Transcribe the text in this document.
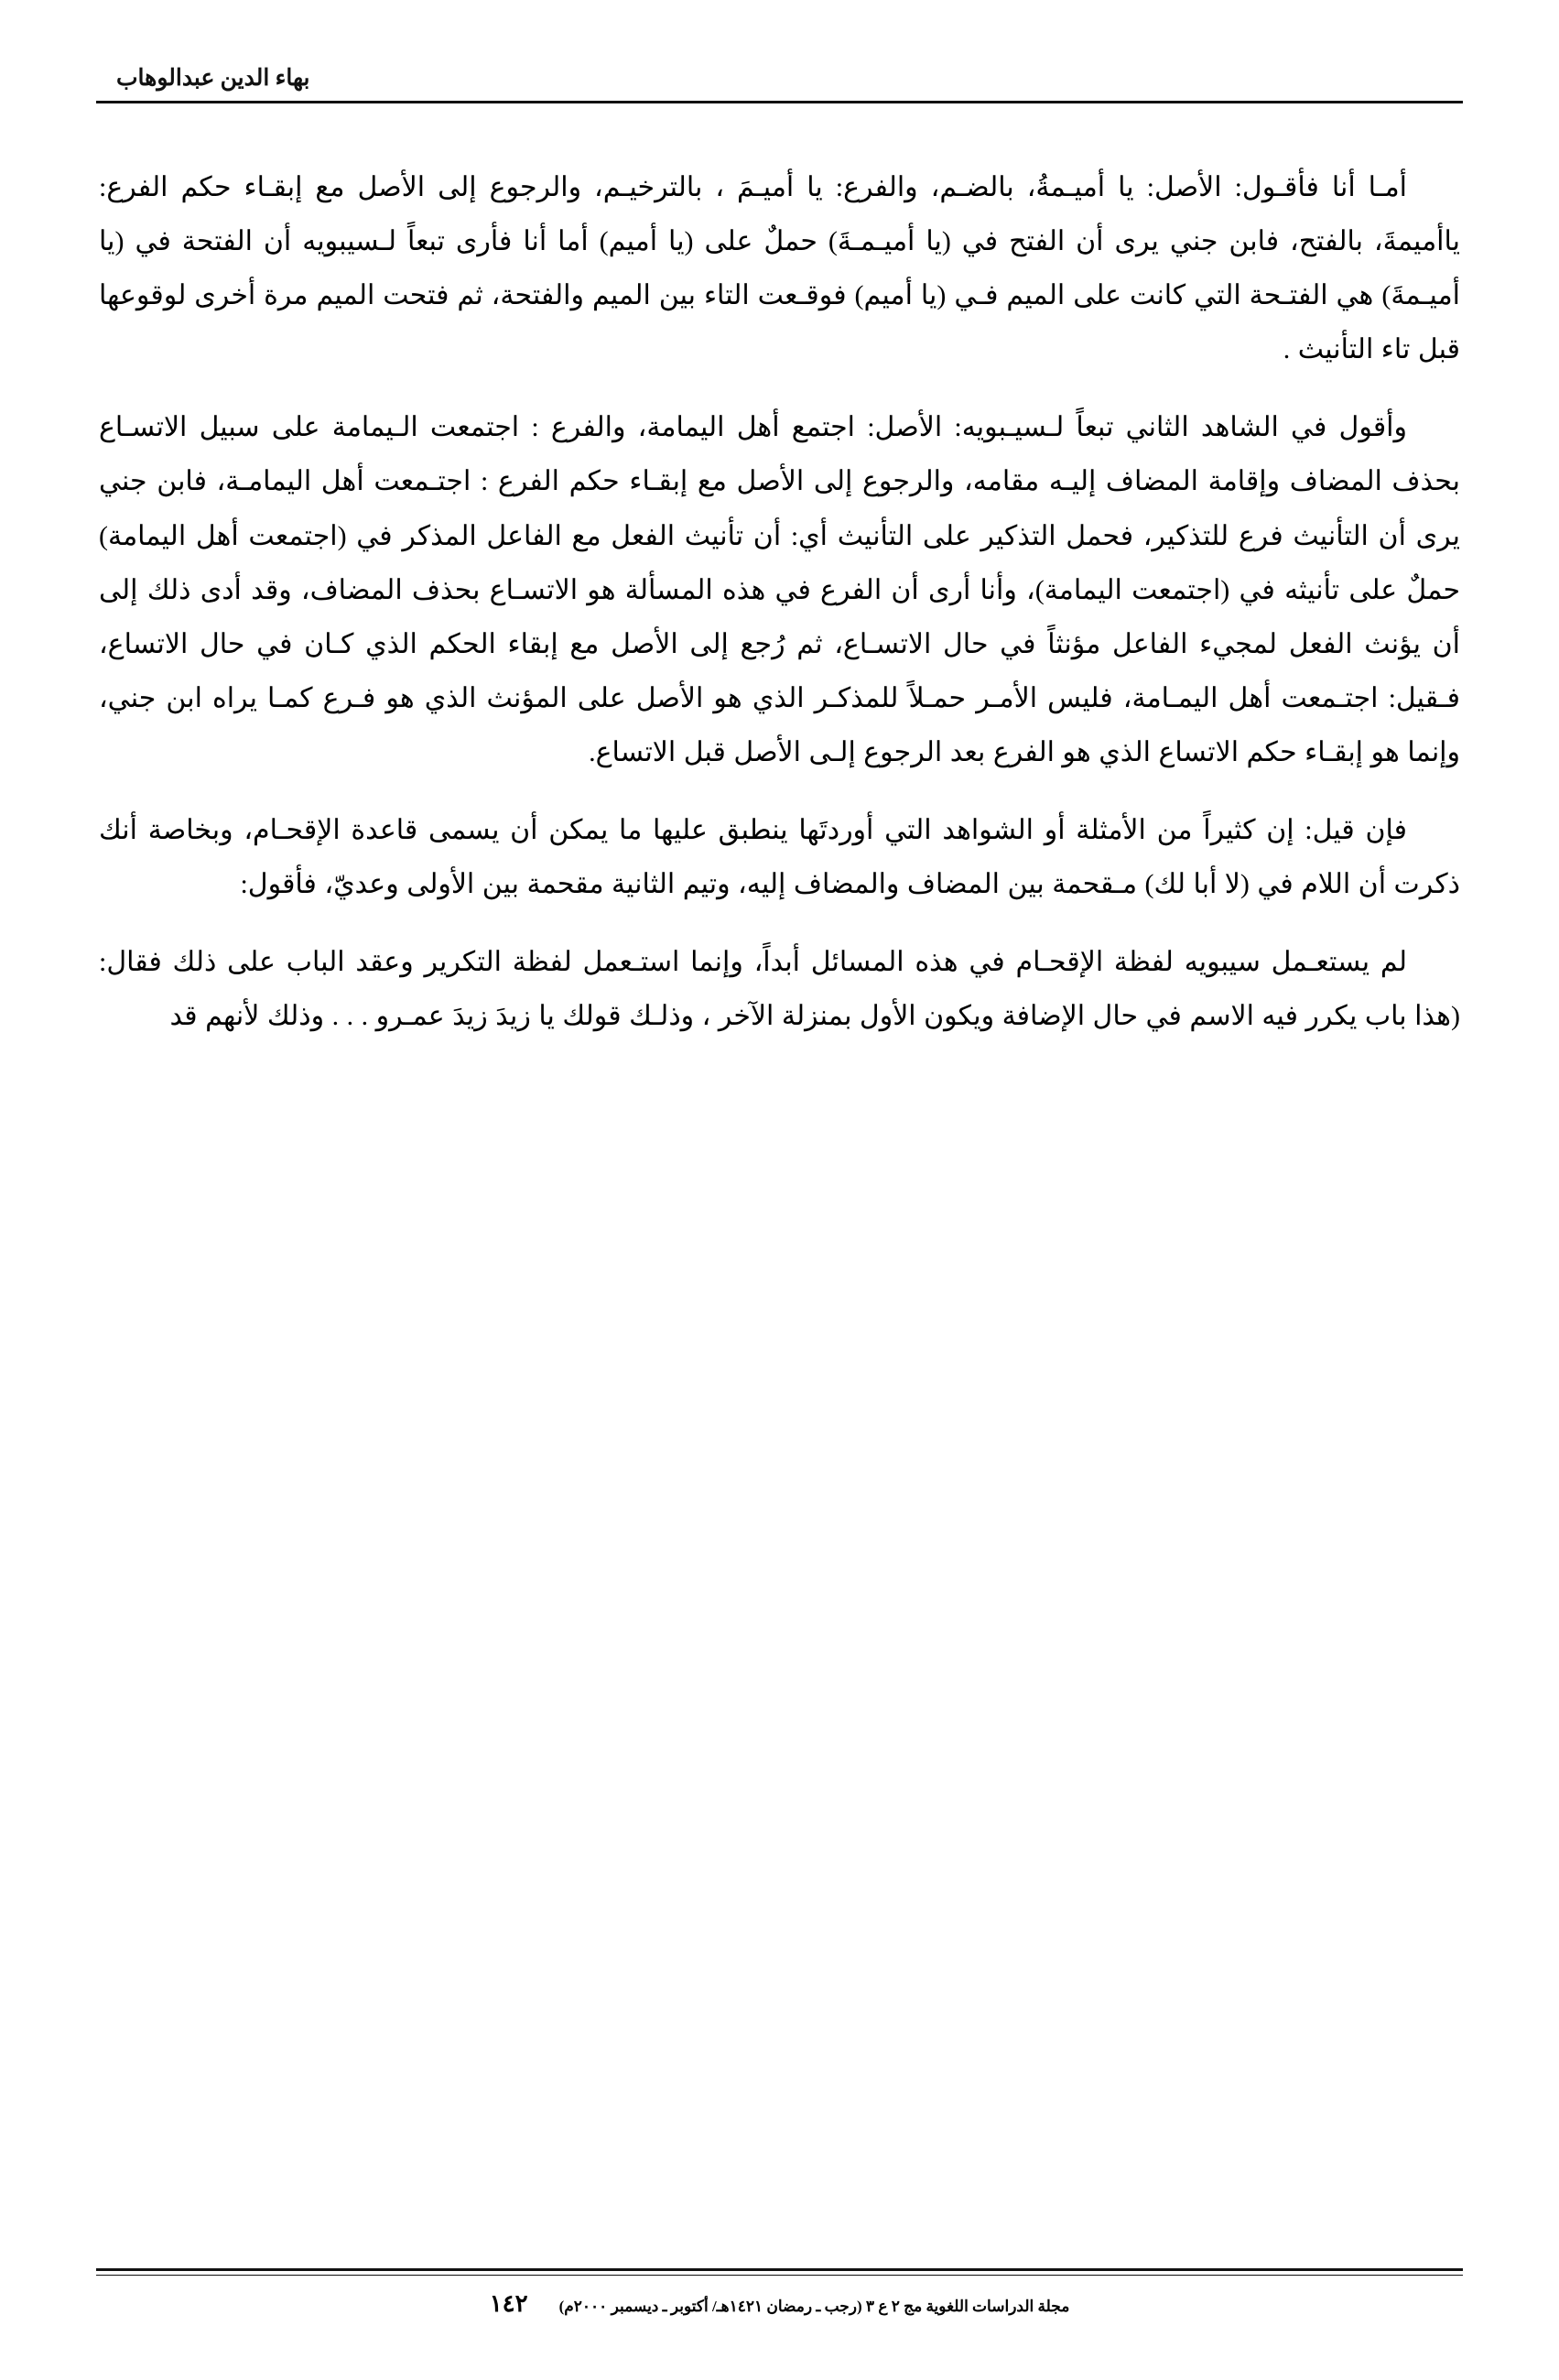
بهاء الدين عبدالوهاب

أمـا أنا فأقـول: الأصل: يا أميـمةُ، بالضـم، والفرع: يا أميـمَ ، بالترخيـم، والرجوع إلى الأصل مع إبقـاء حكم الفرع: ياأميمةَ، بالفتح، فابن جني يرى أن الفتح في (يا أميـمـةَ) حملٌ على (يا أميم) أما أنا فأرى تبعاً لـسيبويه أن الفتحة في (يا أميـمةَ) هي الفتـحة التي كانت على الميم فـي (يا أميم) فوقـعت التاء بين الميم والفتحة، ثم فتحت الميم مرة أخرى لوقوعها قبل تاء التأنيث .

وأقول في الشاهد الثاني تبعاً لـسيـبويه: الأصل: اجتمع أهل اليمامة، والفرع : اجتمعت الـيمامة على سبيل الاتسـاع بحذف المضاف وإقامة المضاف إليـه مقامه، والرجوع إلى الأصل مع إبقـاء حكم الفرع : اجتـمعت أهل اليمامـة، فابن جني يرى أن التأنيث فرع للتذكير، فحمل التذكير على التأنيث أي: أن تأنيث الفعل مع الفاعل المذكر في (اجتمعت أهل اليمامة) حملٌ على تأنيثه في (اجتمعت اليمامة)، وأنا أرى أن الفرع في هذه المسألة هو الاتسـاع بحذف المضاف، وقد أدى ذلك إلى أن يؤنث الفعل لمجيء الفاعل مؤنثاً في حال الاتسـاع، ثم رُجع إلى الأصل مع إبقاء الحكم الذي كـان في حال الاتساع، فـقيل: اجتـمعت أهل اليمـامة، فليس الأمـر حمـلاً للمذكـر الذي هو الأصل على المؤنث الذي هو فـرع كمـا يراه ابن جني، وإنما هو إبقـاء حكم الاتساع الذي هو الفرع بعد الرجوع إلـى الأصل قبل الاتساع.

فإن قيل: إن كثيراً من الأمثلة أو الشواهد التي أوردتَها ينطبق عليها ما يمكن أن يسمى قاعدة الإقحـام، وبخاصة أنك ذكرت أن اللام في (لا أبا لك) مـقحمة بين المضاف والمضاف إليه، وتيم الثانية مقحمة بين الأولى وعديّ، فأقول:

لم يستعـمل سيبويه لفظة الإقحـام في هذه المسائل أبداً، وإنما استـعمل لفظة التكرير وعقد الباب على ذلك فقال: (هذا باب يكرر فيه الاسم في حال الإضافة ويكون الأول بمنزلة الآخر ، وذلـك قولك يا زيدَ زيدَ عمـرو . . . وذلك لأنهم قد

مجلة الدراسات اللغوية مج ٢ ع ٣ (رجب ـ رمضان ١٤٢١هـ/ أكتوبر ـ ديسمبر ٢٠٠٠م)
١٤٢
